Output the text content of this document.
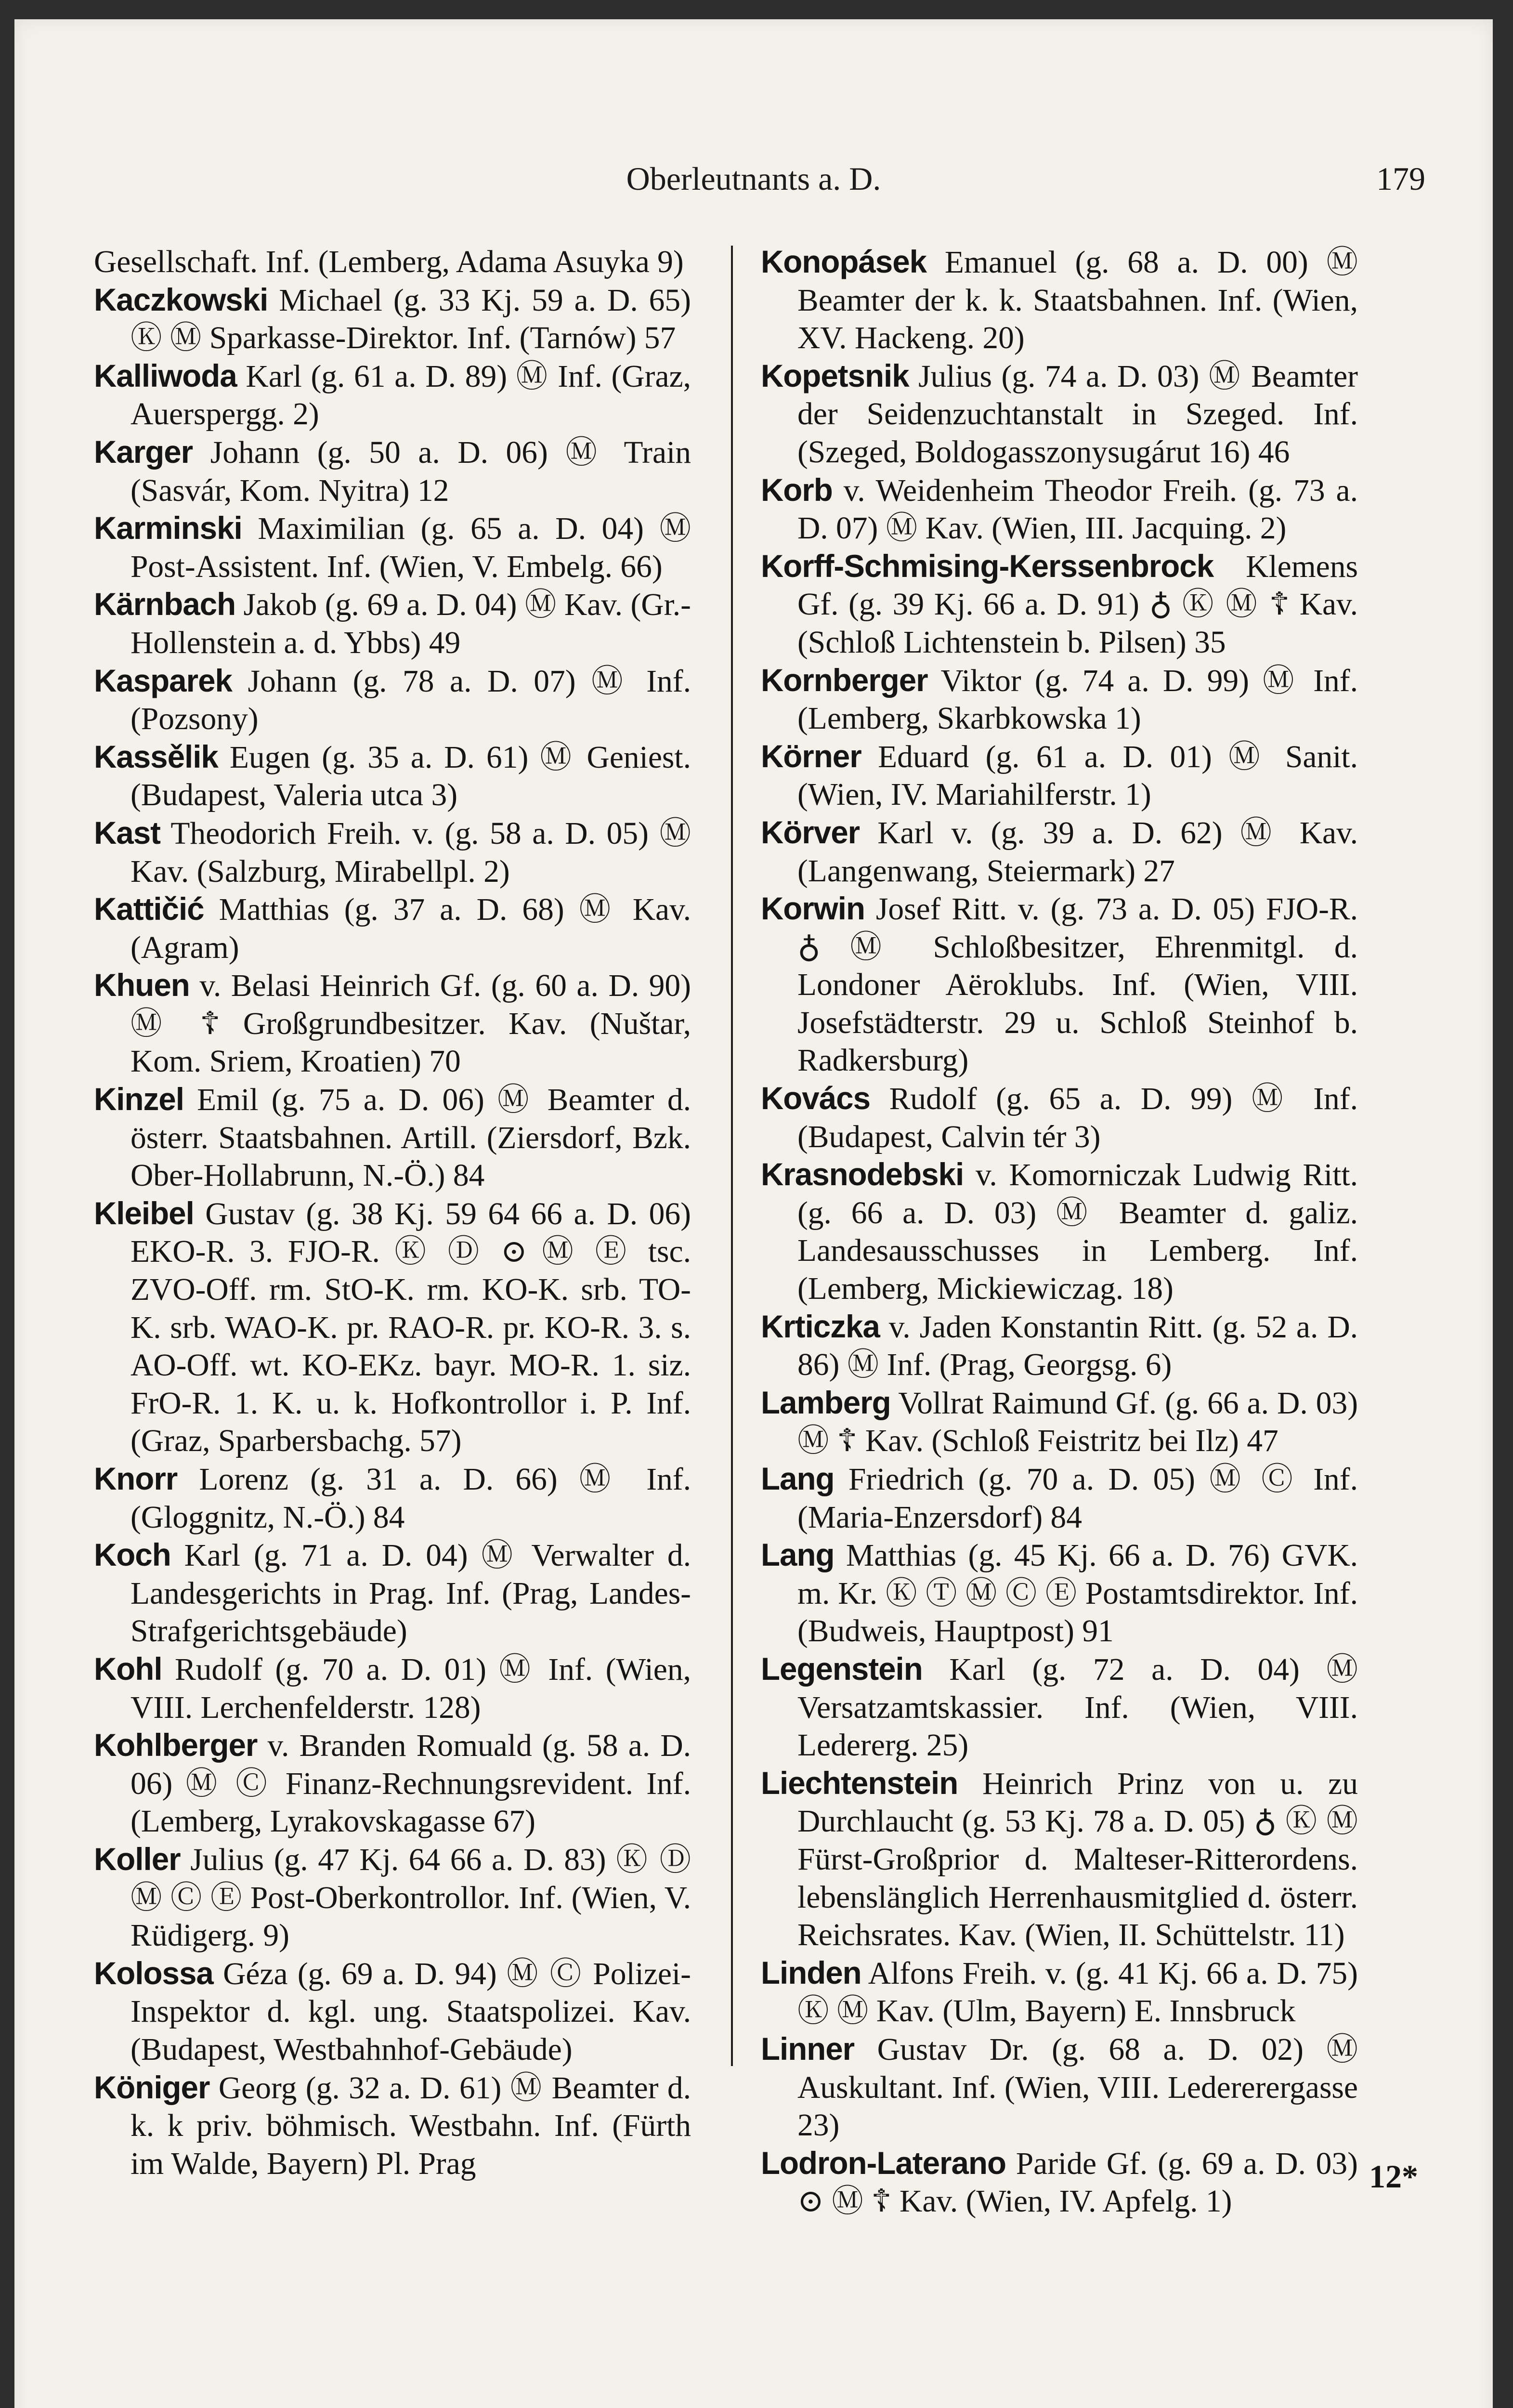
Oberleutnants a. D.	179

Gesellschaft. Inf. (Lemberg, Adama Asuyka 9)

Kaczkowski Michael (g. 33 Kj. 59 a. D. 65) Ⓚ Ⓜ Sparkasse-Direktor. Inf. (Tarnów) 57

Kalliwoda Karl (g. 61 a. D. 89) Ⓜ Inf. (Graz, Auerspergg. 2)

Karger Johann (g. 50 a. D. 06) Ⓜ Train (Sasvár, Kom. Nyitra) 12

Karminski Maximilian (g. 65 a. D. 04) Ⓜ Post-Assistent. Inf. (Wien, V. Embelg. 66)

Kärnbach Jakob (g. 69 a. D. 04) Ⓜ Kav. (Gr.-Hollenstein a. d. Ybbs) 49

Kasparek Johann (g. 78 a. D. 07) Ⓜ Inf. (Pozsony)

Kassělik Eugen (g. 35 a. D. 61) Ⓜ Geniest. (Budapest, Valeria utca 3)

Kast Theodorich Freih. v. (g. 58 a. D. 05) Ⓜ Kav. (Salzburg, Mirabellpl. 2)

Kattičić Matthias (g. 37 a. D. 68) Ⓜ Kav. (Agram)

Khuen v. Belasi Heinrich Gf. (g. 60 a. D. 90) Ⓜ ☦ Großgrundbesitzer. Kav. (Nuštar, Kom. Sriem, Kroatien) 70

Kinzel Emil (g. 75 a. D. 06) Ⓜ Beamter d. österr. Staatsbahnen. Artill. (Ziersdorf, Bzk. Ober-Hollabrunn, N.-Ö.) 84

Kleibel Gustav (g. 38 Kj. 59 64 66 a. D. 06) EKO-R. 3. FJO-R. Ⓚ Ⓓ ⊙ Ⓜ Ⓔ tsc. ZVO-Off. rm. StO-K. rm. KO-K. srb. TO-K. srb. WAO-K. pr. RAO-R. pr. KO-R. 3. s. AO-Off. wt. KO-EKz. bayr. MO-R. 1. siz. FrO-R. 1. K. u. k. Hofkontrollor i. P. Inf. (Graz, Sparbersbachg. 57)

Knorr Lorenz (g. 31 a. D. 66) Ⓜ Inf. (Gloggnitz, N.-Ö.) 84

Koch Karl (g. 71 a. D. 04) Ⓜ Verwalter d. Landesgerichts in Prag. Inf. (Prag, Landes-Strafgerichtsgebäude)

Kohl Rudolf (g. 70 a. D. 01) Ⓜ Inf. (Wien, VIII. Lerchenfelderstr. 128)

Kohlberger v. Branden Romuald (g. 58 a. D. 06) Ⓜ Ⓒ Finanz-Rechnungsrevident. Inf. (Lemberg, Lyrakovskagasse 67)

Koller Julius (g. 47 Kj. 64 66 a. D. 83) Ⓚ Ⓓ Ⓜ Ⓒ Ⓔ Post-Oberkontrollor. Inf. (Wien, V. Rüdigerg. 9)

Kolossa Géza (g. 69 a. D. 94) Ⓜ Ⓒ Polizei-Inspektor d. kgl. ung. Staatspolizei. Kav. (Budapest, Westbahnhof-Gebäude)

Königer Georg (g. 32 a. D. 61) Ⓜ Beamter d. k. k priv. böhmisch. Westbahn. Inf. (Fürth im Walde, Bayern) Pl. Prag

Konopásek Emanuel (g. 68 a. D. 00) Ⓜ Beamter der k. k. Staatsbahnen. Inf. (Wien, XV. Hackeng. 20)

Kopetsnik Julius (g. 74 a. D. 03) Ⓜ Beamter der Seidenzuchtanstalt in Szeged. Inf. (Szeged, Boldogasszonysugárut 16) 46

Korb v. Weidenheim Theodor Freih. (g. 73 a. D. 07) Ⓜ Kav. (Wien, III. Jacquing. 2)

Korff-Schmising-Kerssenbrock Klemens Gf. (g. 39 Kj. 66 a. D. 91) ♁ Ⓚ Ⓜ ☦ Kav. (Schloß Lichtenstein b. Pilsen) 35

Kornberger Viktor (g. 74 a. D. 99) Ⓜ Inf. (Lemberg, Skarbkowska 1)

Körner Eduard (g. 61 a. D. 01) Ⓜ Sanit. (Wien, IV. Mariahilferstr. 1)

Körver Karl v. (g. 39 a. D. 62) Ⓜ Kav. (Langenwang, Steiermark) 27

Korwin Josef Ritt. v. (g. 73 a. D. 05) FJO-R. ♁ Ⓜ Schloßbesitzer, Ehrenmitgl. d. Londoner Aëroklubs. Inf. (Wien, VIII. Josefstädterstr. 29 u. Schloß Steinhof b. Radkersburg)

Kovács Rudolf (g. 65 a. D. 99) Ⓜ Inf. (Budapest, Calvin tér 3)

Krasnodebski v. Komorniczak Ludwig Ritt. (g. 66 a. D. 03) Ⓜ Beamter d. galiz. Landesausschusses in Lemberg. Inf. (Lemberg, Mickiewiczag. 18)

Krticzka v. Jaden Konstantin Ritt. (g. 52 a. D. 86) Ⓜ Inf. (Prag, Georgsg. 6)

Lamberg Vollrat Raimund Gf. (g. 66 a. D. 03) Ⓜ ☦ Kav. (Schloß Feistritz bei Ilz) 47

Lang Friedrich (g. 70 a. D. 05) Ⓜ Ⓒ Inf. (Maria-Enzersdorf) 84

Lang Matthias (g. 45 Kj. 66 a. D. 76) GVK. m. Kr. Ⓚ Ⓣ Ⓜ Ⓒ Ⓔ Postamtsdirektor. Inf. (Budweis, Hauptpost) 91

Legenstein Karl (g. 72 a. D. 04) Ⓜ Versatzamtskassier. Inf. (Wien, VIII. Ledererg. 25)

Liechtenstein Heinrich Prinz von u. zu Durchlaucht (g. 53 Kj. 78 a. D. 05) ♁ Ⓚ Ⓜ Fürst-Großprior d. Malteser-Ritterordens. lebenslänglich Herrenhausmitglied d. österr. Reichsrates. Kav. (Wien, II. Schüttelstr. 11)

Linden Alfons Freih. v. (g. 41 Kj. 66 a. D. 75) Ⓚ Ⓜ Kav. (Ulm, Bayern) E. Innsbruck

Linner Gustav Dr. (g. 68 a. D. 02) Ⓜ Auskultant. Inf. (Wien, VIII. Ledererergasse 23)

Lodron-Laterano Paride Gf. (g. 69 a. D. 03) ⊙ Ⓜ ☦ Kav. (Wien, IV. Apfelg. 1)

12*
